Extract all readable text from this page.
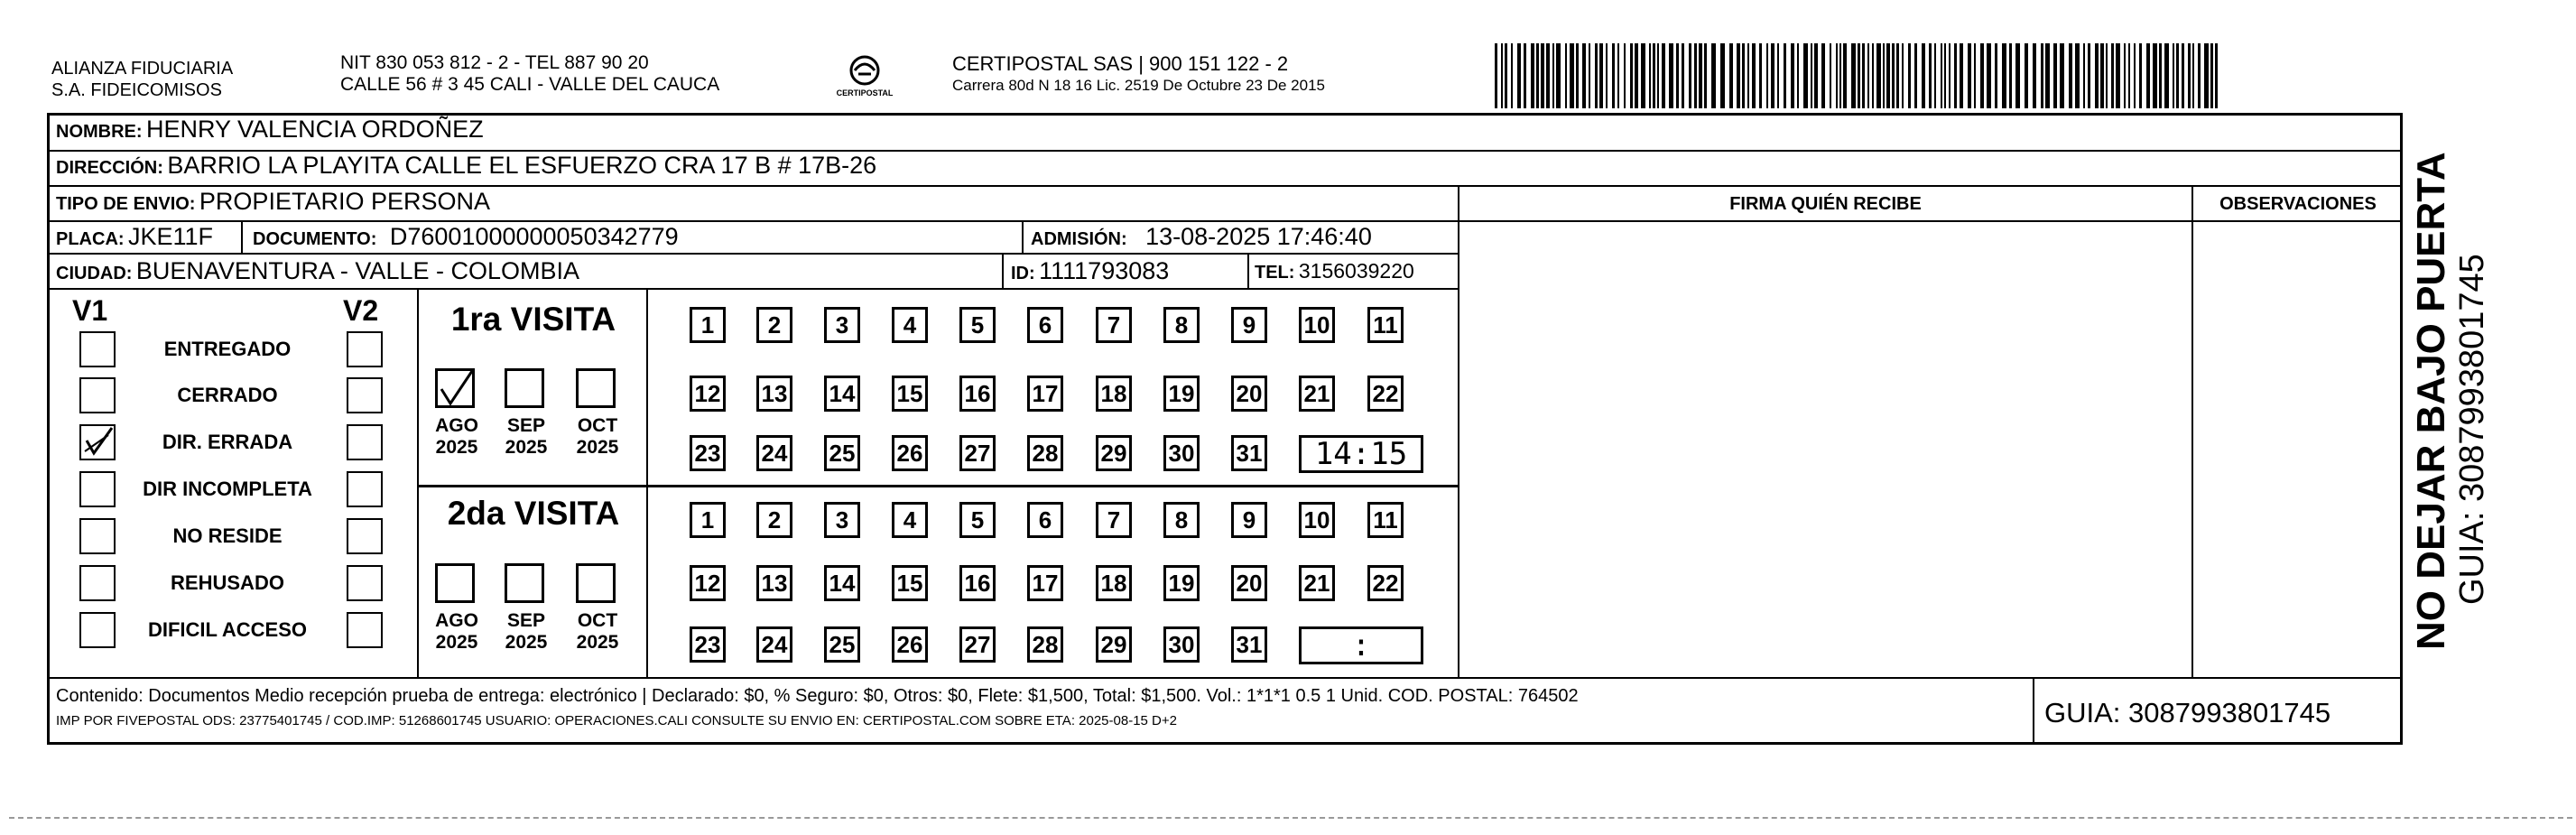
ALIANZA FIDUCIARIA
S.A. FIDEICOMISOS
NIT 830 053 812 - 2 - TEL 887 90 20
CALLE 56 # 3 45 CALI - VALLE DEL CAUCA	CERTIPOSTAL
CERTIPOSTAL SAS | 900 151 122 - 2
Carrera 80d N 18 16 Lic. 2519 De Octubre 23 De 2015
NOMBRE: HENRY VALENCIA ORDOÑEZ
DIRECCIÓN: BARRIO LA PLAYITA CALLE EL ESFUERZO CRA 17 B # 17B-26
TIPO DE ENVIO: PROPIETARIO PERSONA
PLACA: JKE11F DOCUMENTO: D76001000000050342779	ADMISIÓN: 13-08-2025 17:46:40
CIUDAD: BUENAVENTURA - VALLE - COLOMBIA	ID: 1111793083	TEL: 3156039220
FIRMA QUIÉN RECIBE	OBSERVACIONES
V1	V2
ENTREGADO
CERRADO
DIR. ERRADA
DIR INCOMPLETA
NO RESIDE
REHUSADO
DIFICIL ACCESO
1ra VISITA
2da VISITA
AGO
2025
SEP
2025
OCT
2025
1	2	3	4	5	6	7	8	9	10 11
12 13 14 15 16 17 18 19 20 21 22
23 24 25 26 27 28 29 30 31	14:15
AGO
2025
SEP
2025
OCT
2025
1	2	3	4	5	6	7	8	9	10 11
12 13 14 15 16 17 18 19 20 21 22
23 24 25 26 27 28 29 30 31	:
Contenido: Documentos Medio recepción prueba de entrega: electrónico | Declarado: $0, % Seguro: $0, Otros: $0, Flete: $1,500, Total: $1,500. Vol.: 1*1*1 0.5 1 Unid. COD. POSTAL: 764502
IMP POR FIVEPOSTAL ODS: 23775401745 / COD.IMP: 51268601745 USUARIO: OPERACIONES.CALI CONSULTE SU ENVIO EN: CERTIPOSTAL.COM SOBRE ETA: 2025-08-15 D+2	GUIA: 3087993801745
NO DEJAR BAJO PUERTA GUIA: 3087993801745
